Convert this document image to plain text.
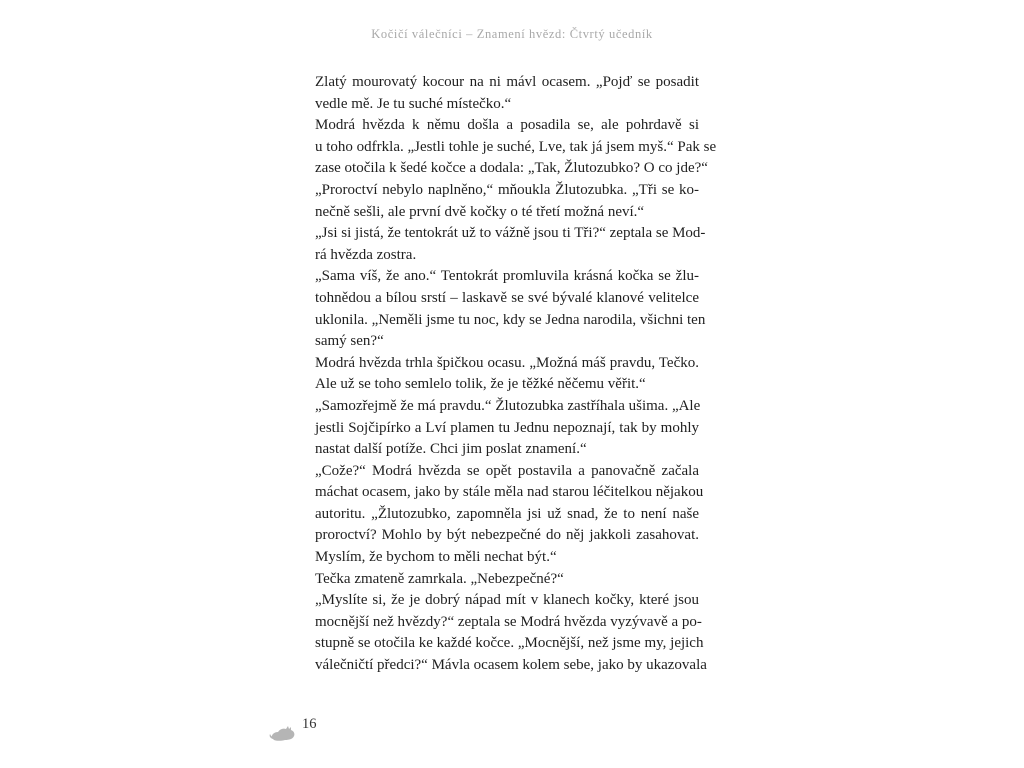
Kočičí válečníci – Znamení hvězd: Čtvrtý učedník
Zlatý mourovatý kocour na ni mávl ocasem. „Pojď se posadit
vedle mě. Je tu suché místečko.“
Modrá hvězda k němu došla a posadila se, ale pohrdavě si
u toho odfrkla. „Jestli tohle je suché, Lve, tak já jsem myš.“ Pak se
zase otočila k šedé kočce a dodala: „Tak, Žlutozubko? O co jde?“
„Proroctví nebylo naplněno,“ mňoukla Žlutozubka. „Tři se ko-
nečně sešli, ale první dvě kočky o té třetí možná neví.“
„Jsi si jistá, že tentokrát už to vážně jsou ti Tři?“ zeptala se Mod-
rá hvězda zostra.
„Sama víš, že ano.“ Tentokrát promluvila krásná kočka se žlu-
tohnědou a bílou srstí – laskavě se své bývalé klanové velitelce
uklonila. „Neměli jsme tu noc, kdy se Jedna narodila, všichni ten
samý sen?“
Modrá hvězda trhla špičkou ocasu. „Možná máš pravdu, Tečko.
Ale už se toho semlelo tolik, že je těžké něčemu věřit.“
„Samozřejmě že má pravdu.“ Žlutozubka zastříhala ušima. „Ale
jestli Sojčipírko a Lví plamen tu Jednu nepoznají, tak by mohly
nastat další potíže. Chci jim poslat znamení.“
„Cože?“ Modrá hvězda se opět postavila a panovačně začala
máchat ocasem, jako by stále měla nad starou léčitelkou nějakou
autoritu. „Žlutozubko, zapomněla jsi už snad, že to není naše
proroctví? Mohlo by být nebezpečné do něj jakkoli zasahovat.
Myslím, že bychom to měli nechat být.“
Tečka zmateně zamrkala. „Nebezpečné?“
„Myslíte si, že je dobrý nápad mít v klanech kočky, které jsou
mocnější než hvězdy?“ zeptala se Modrá hvězda vyzývavě a po-
stupně se otočila ke každé kočce. „Mocnější, než jsme my, jejich
válečničtí předci?“ Mávla ocasem kolem sebe, jako by ukazovala
16
